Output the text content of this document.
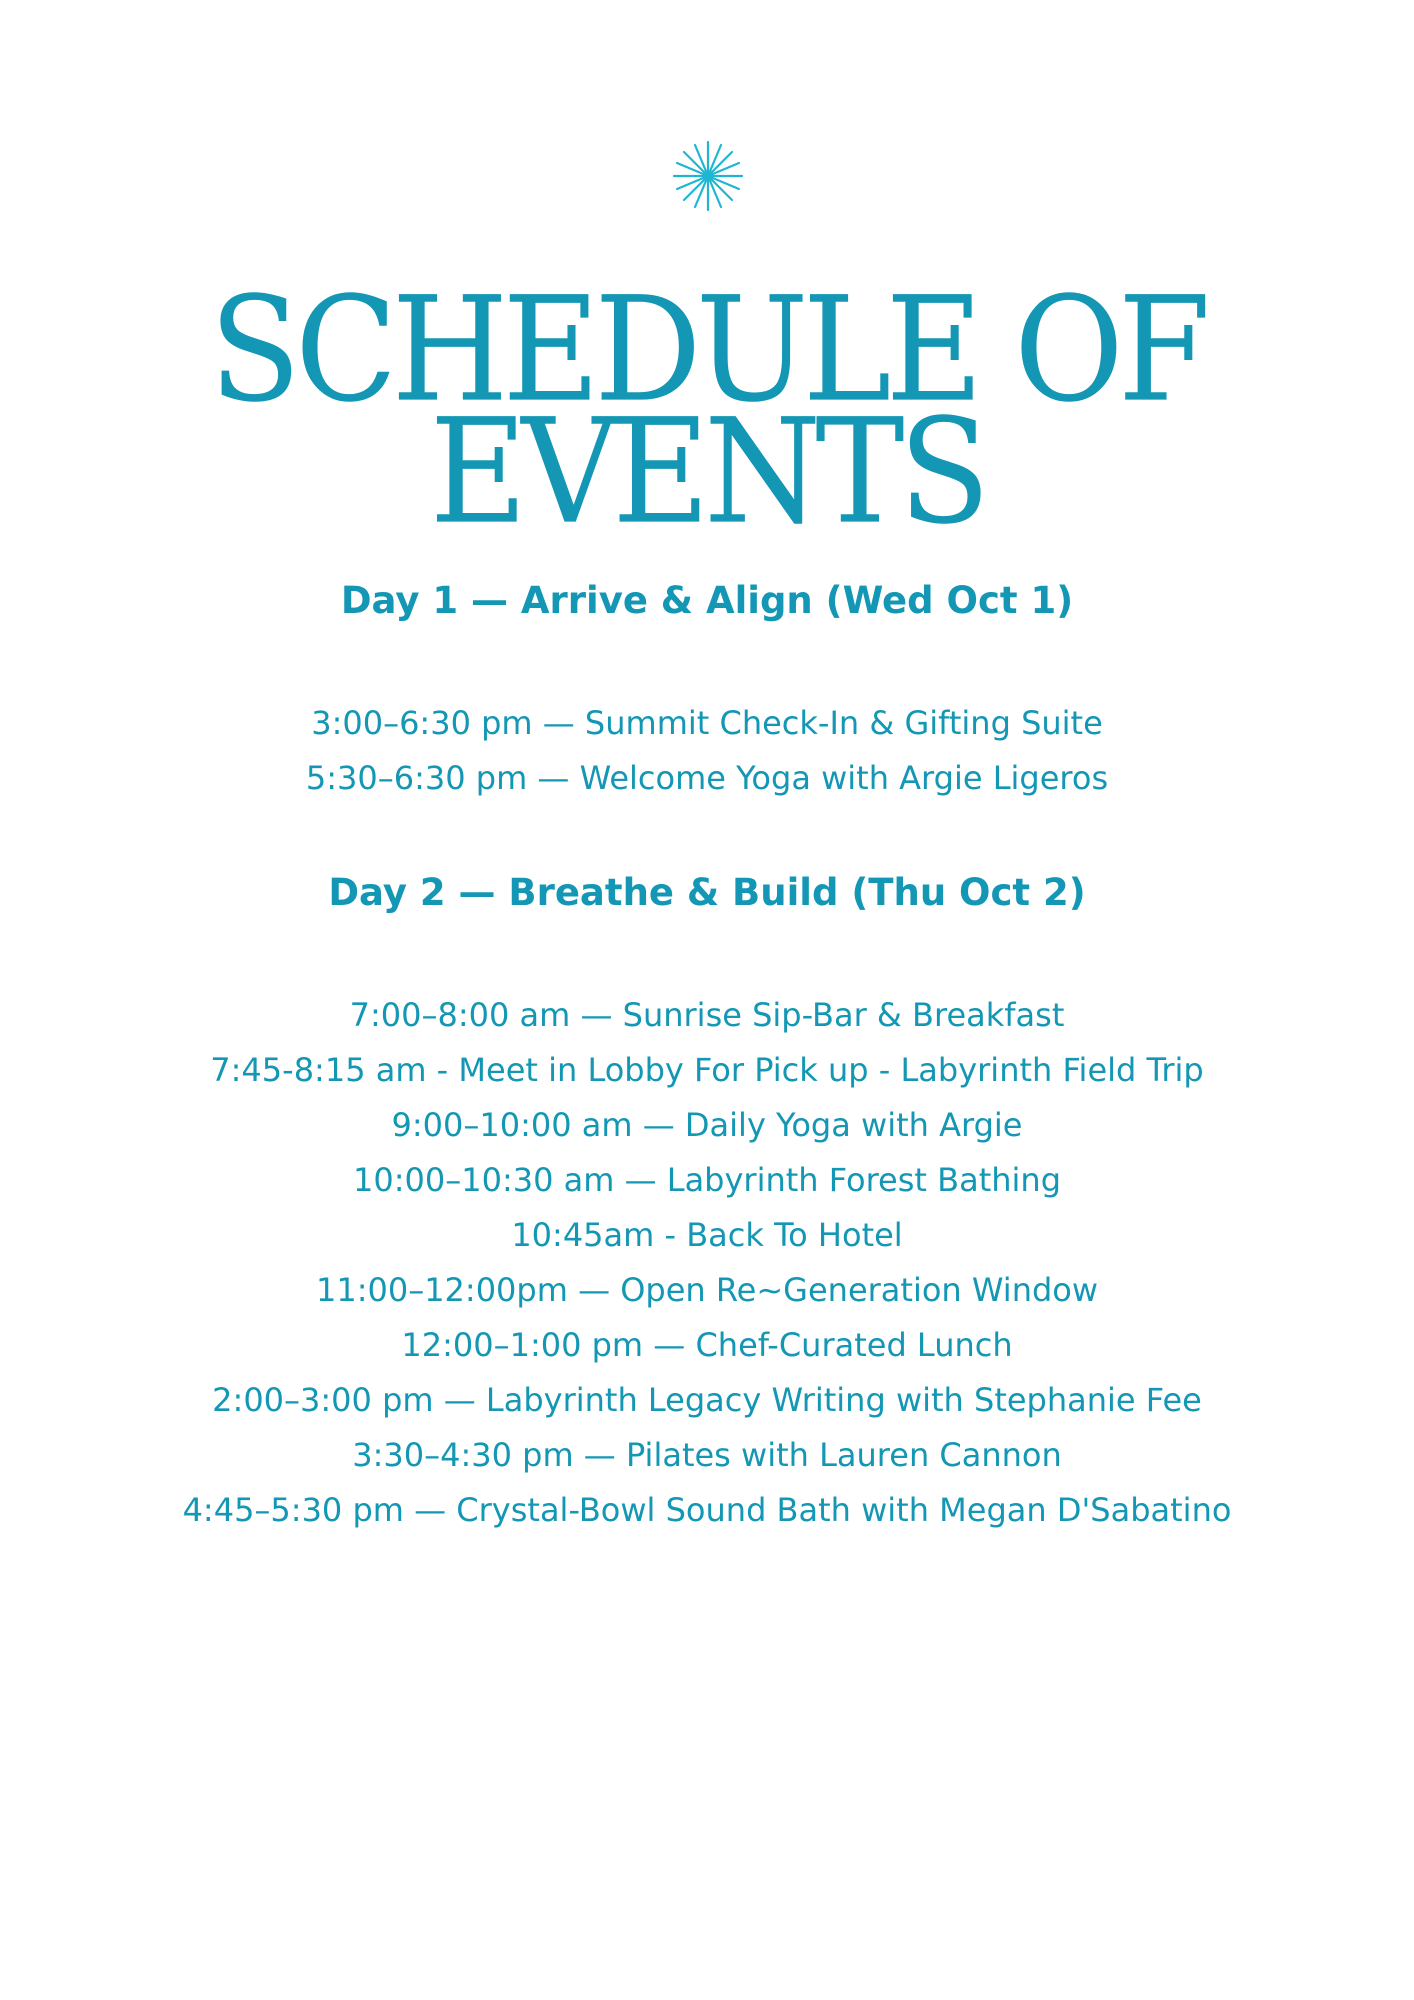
SCHEDULE OF
EVENTS
Day 1 — Arrive & Align (Wed Oct 1)
3:00–6:30 pm — Summit Check-In & Gifting Suite
5:30–6:30 pm — Welcome Yoga with Argie Ligeros
Day 2 — Breathe & Build (Thu Oct 2)
7:00–8:00 am — Sunrise Sip-Bar & Breakfast
7:45-8:15 am - Meet in Lobby For Pick up - Labyrinth Field Trip
9:00–10:00 am — Daily Yoga with Argie
10:00–10:30 am — Labyrinth Forest Bathing
10:45am - Back To Hotel
11:00–12:00pm — Open Re~Generation Window
12:00–1:00 pm — Chef-Curated Lunch
2:00–3:00 pm — Labyrinth Legacy Writing with Stephanie Fee
3:30–4:30 pm — Pilates with Lauren Cannon
4:45–5:30 pm — Crystal-Bowl Sound Bath with Megan D'Sabatino
